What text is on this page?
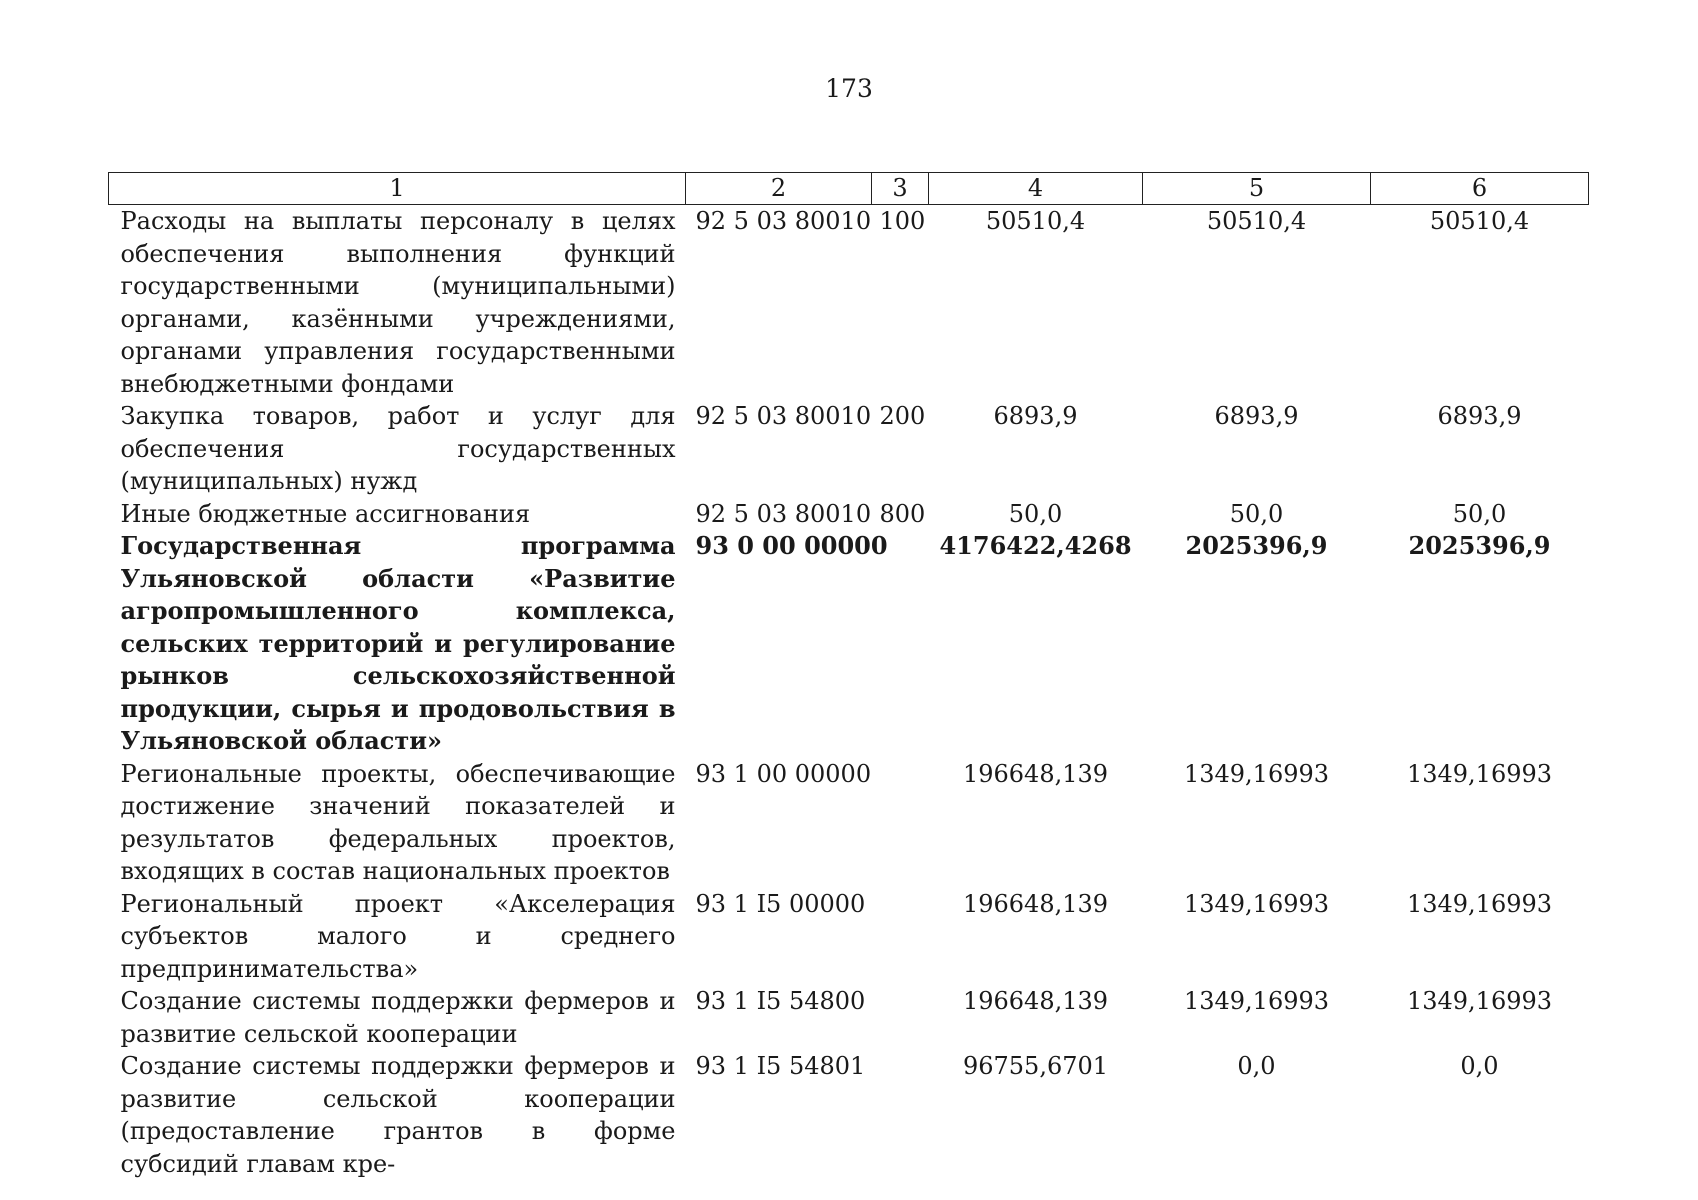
173
1	2	3	4	5	6
Расходы на выплаты персоналу в целях обеспечения выполнения функций государственными (муниципальными) органами, казёнными учреждениями, органами управления государственными внебюджетными фондами	92 5 03 80010	100	50510,4	50510,4	50510,4
Закупка товаров, работ и услуг для обеспечения государственных (муниципальных) нужд	92 5 03 80010	200	6893,9	6893,9	6893,9
Иные бюджетные ассигнования	92 5 03 80010	800	50,0	50,0	50,0
Государственная программа Ульяновской области «Развитие агропромышленного комплекса, сельских территорий и регулирование рынков сельскохозяйственной продукции, сырья и продовольствия в Ульяновской области»	93 0 00 00000		4176422,4268	2025396,9	2025396,9
Региональные проекты, обеспечивающие достижение значений показателей и результатов федеральных проектов, входящих в состав национальных проектов	93 1 00 00000		196648,139	1349,16993	1349,16993
Региональный проект «Акселерация субъектов малого и среднего предпринимательства»	93 1 I5 00000		196648,139	1349,16993	1349,16993
Создание системы поддержки фермеров и развитие сельской кооперации	93 1 I5 54800		196648,139	1349,16993	1349,16993
Создание системы поддержки фермеров и развитие сельской кооперации (предоставление грантов в форме субсидий главам кре-	93 1 I5 54801		96755,6701	0,0	0,0
